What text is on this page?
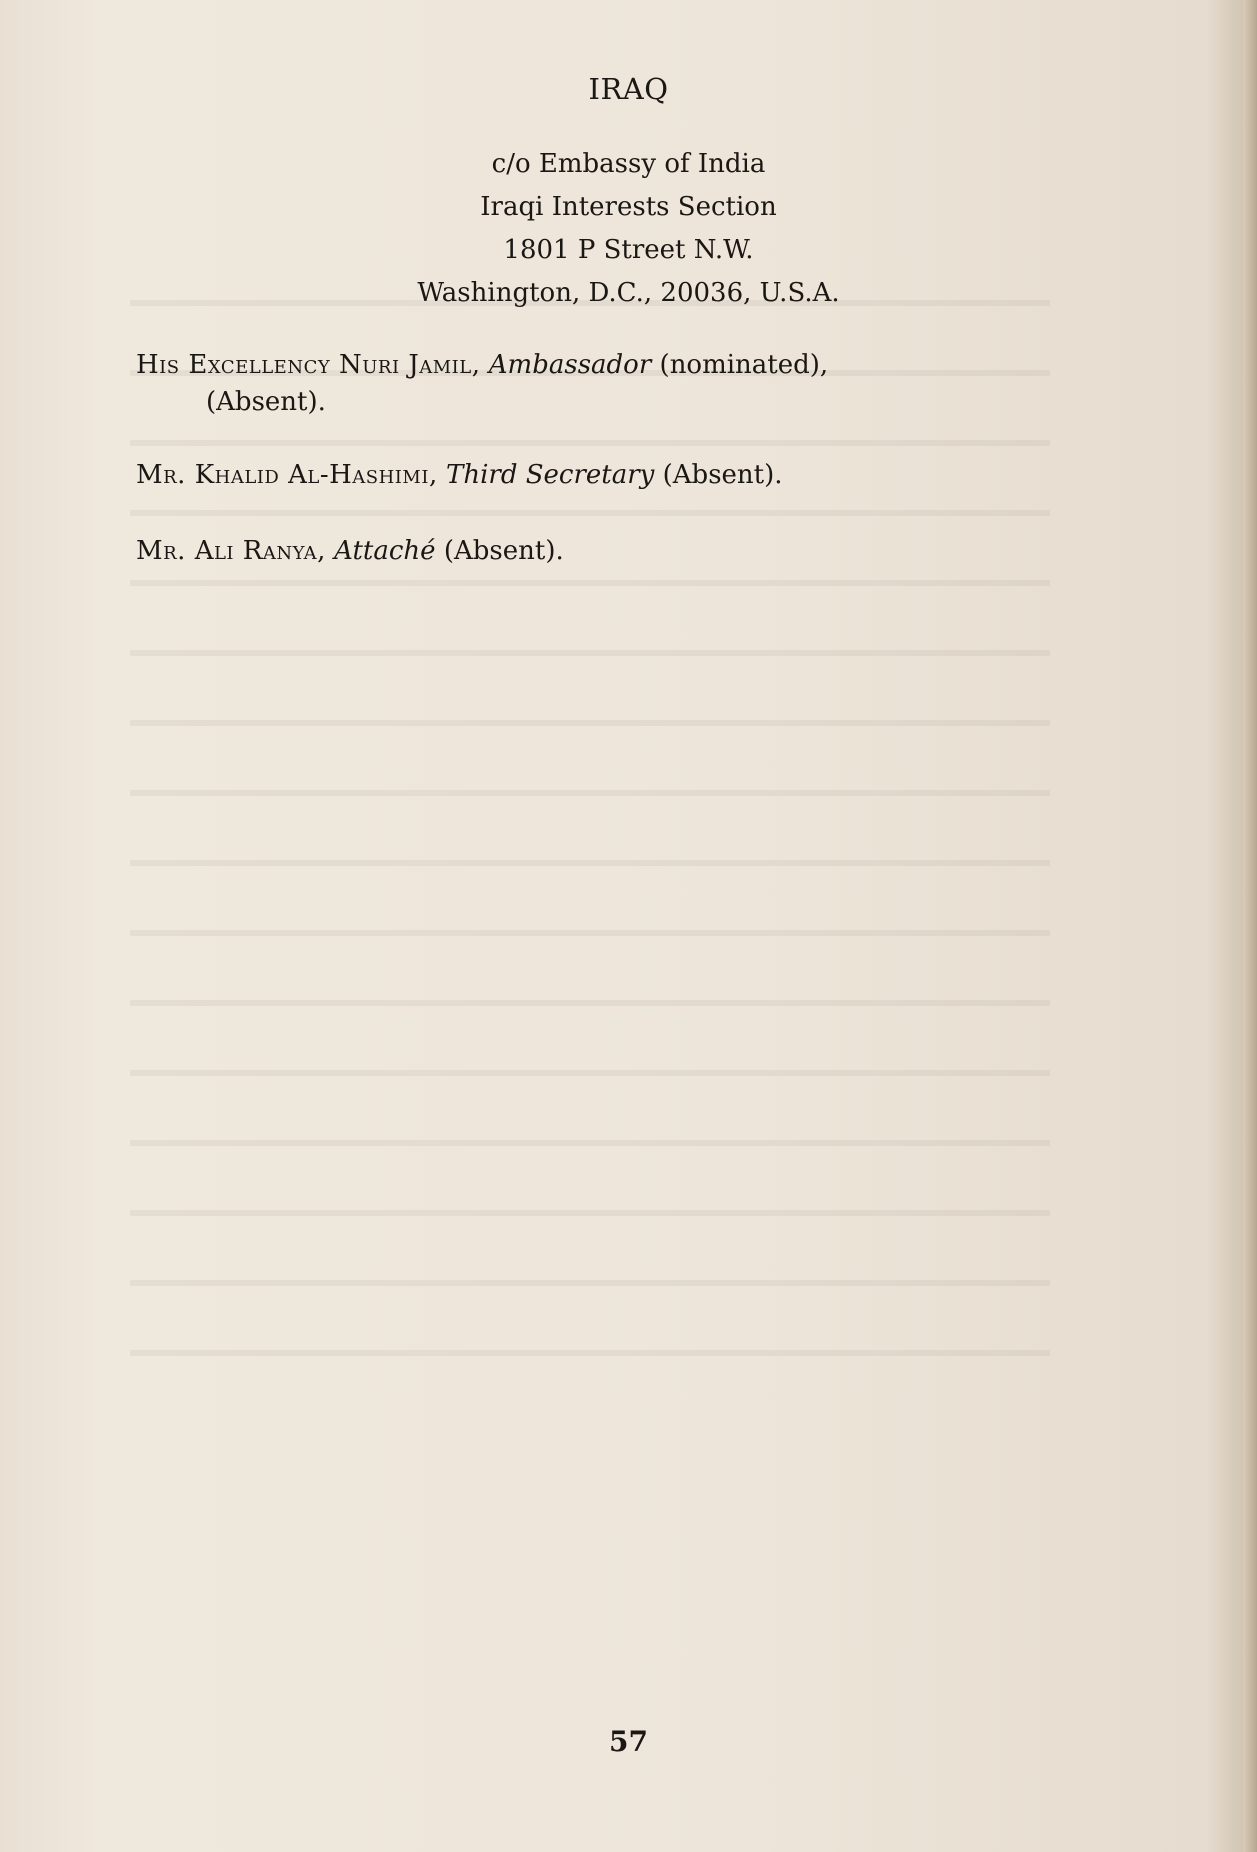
IRAQ
c/o Embassy of India
Iraqi Interests Section
1801 P Street N.W.
Washington, D.C., 20036, U.S.A.
His Excellency Nuri Jamil, Ambassador (nominated),
(Absent).
Mr. Khalid Al-Hashimi, Third Secretary (Absent).
Mr. Ali Ranya, Attaché (Absent).
57
